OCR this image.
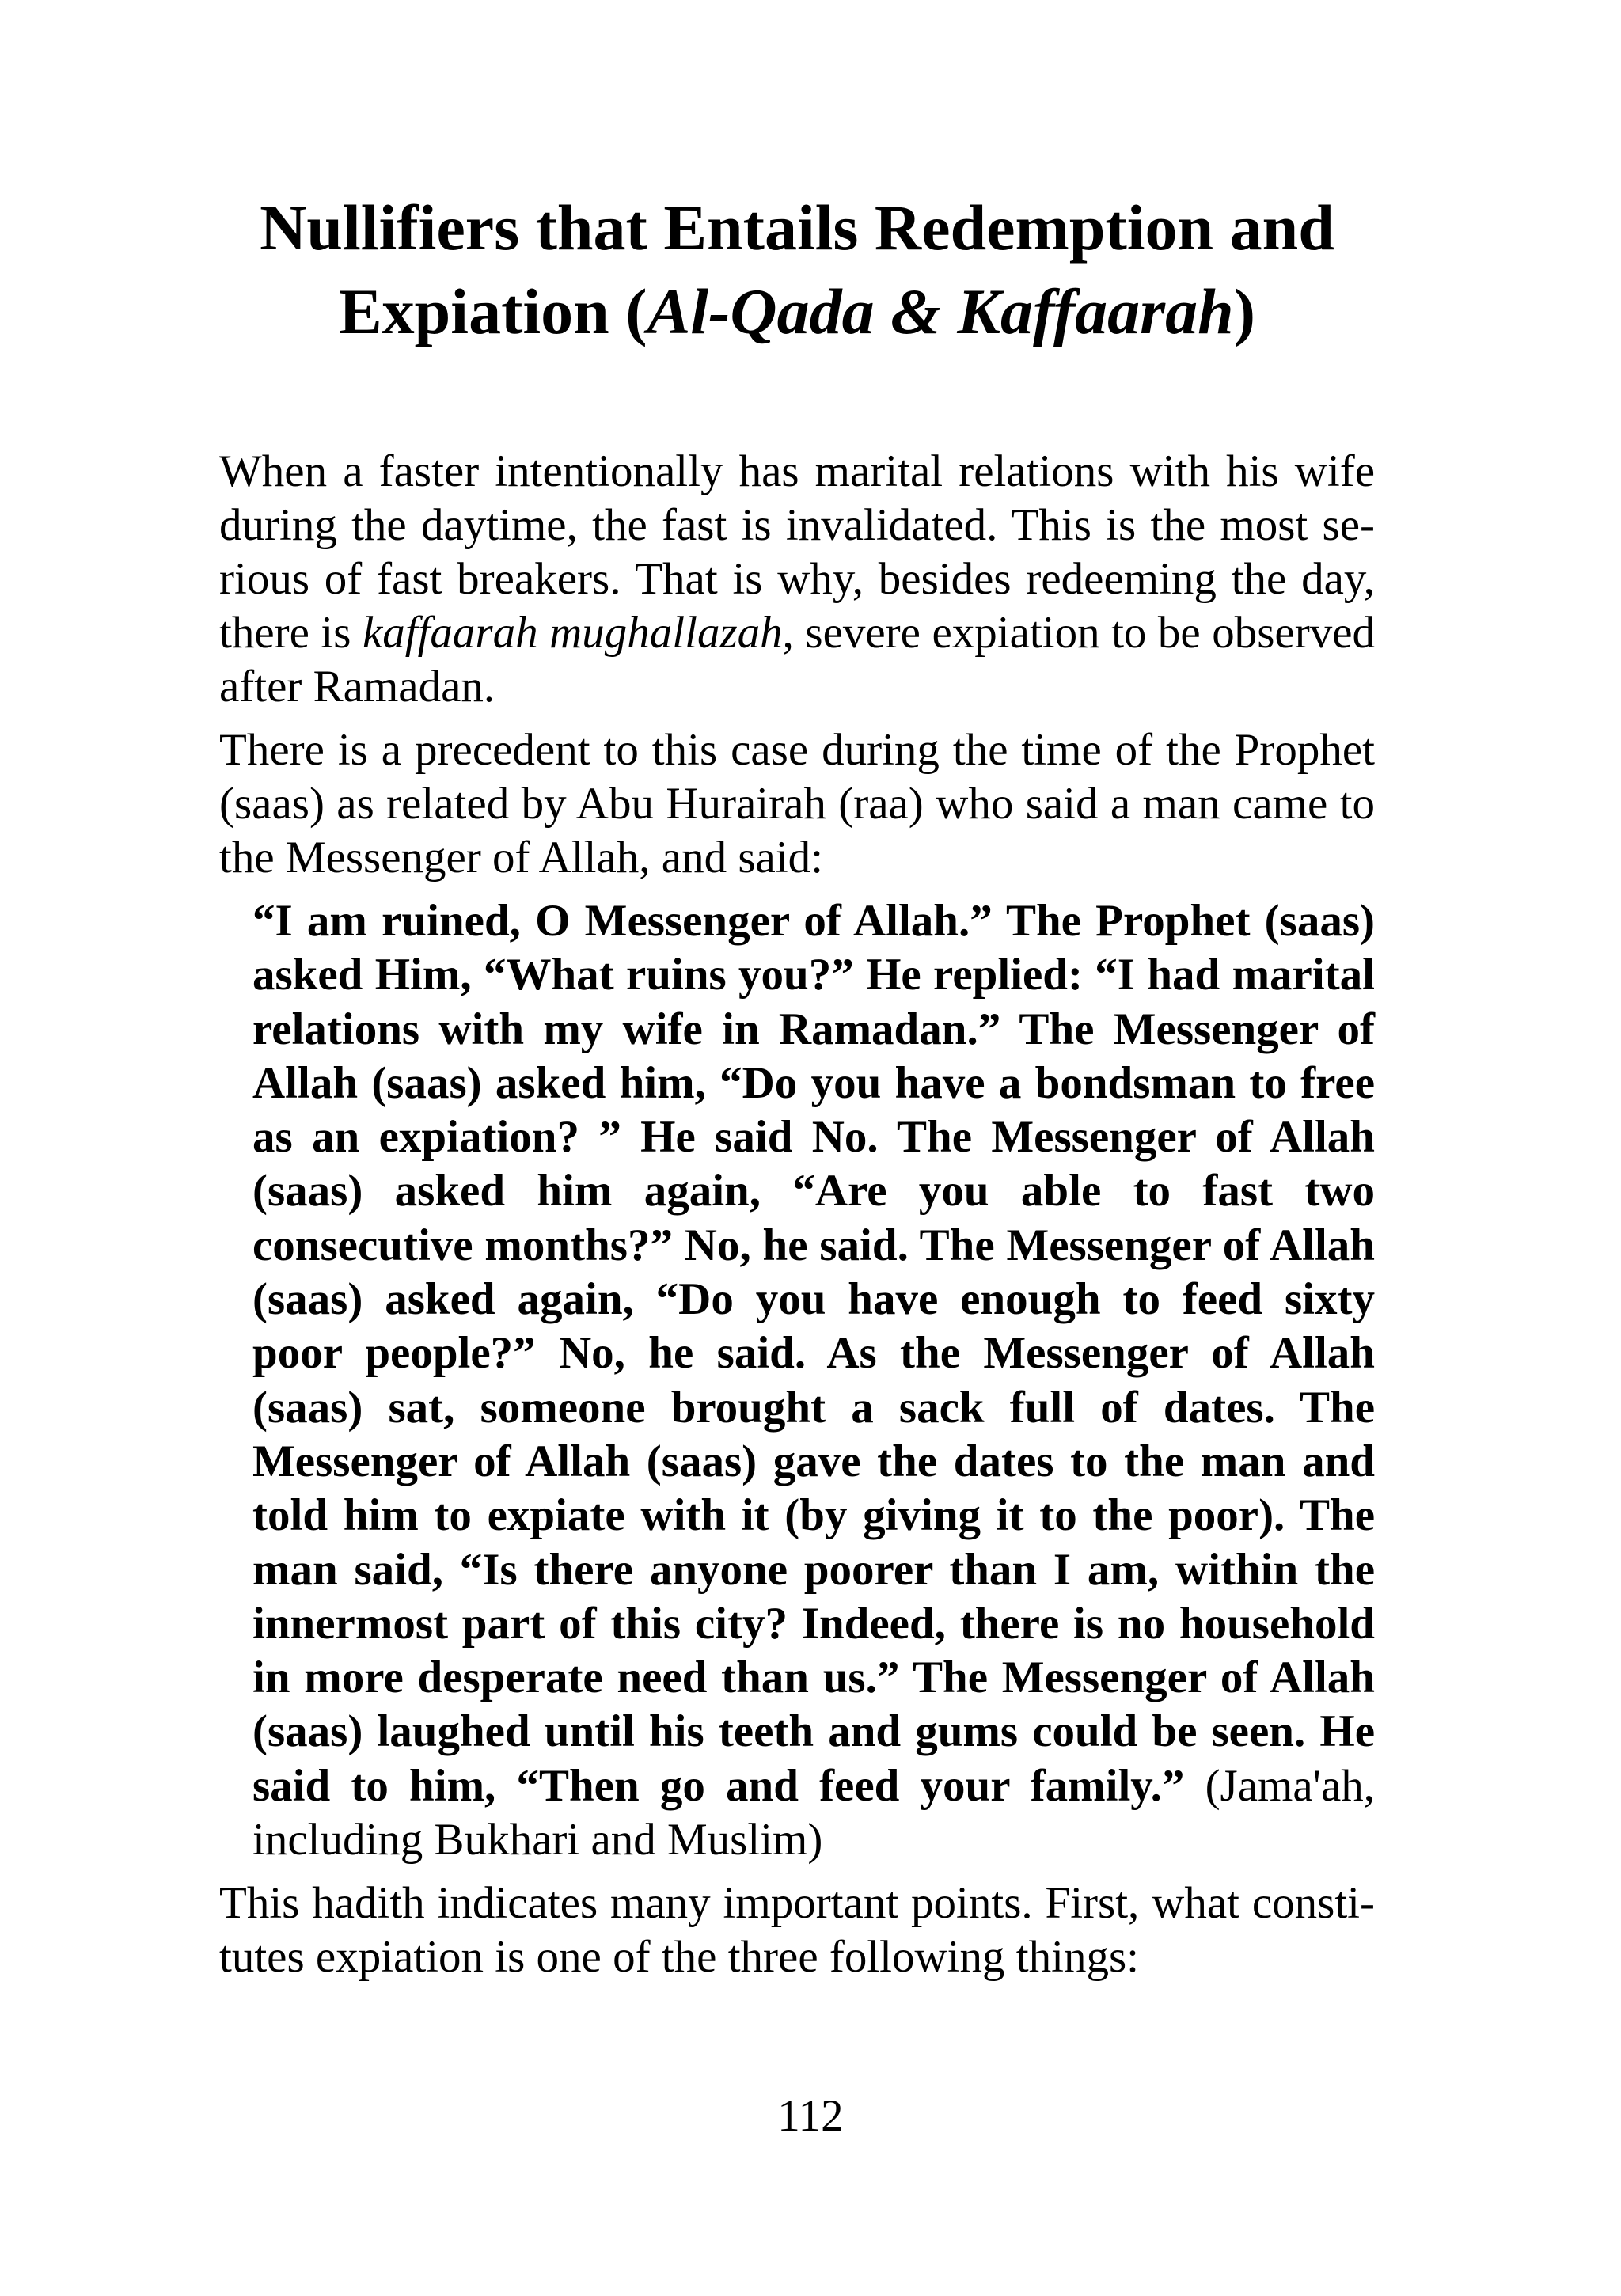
Nullifiers that Entails Redemption and
Expiation (Al-Qada & Kaffaarah)

When a faster intentionally has marital relations with his wife during the daytime, the fast is invalidated. This is the most serious of fast breakers. That is why, besides redeeming the day, there is kaffaarah mughallazah, severe expiation to be observed after Ramadan.

There is a precedent to this case during the time of the Prophet (saas) as related by Abu Hurairah (raa) who said a man came to the Messenger of Allah, and said:

“I am ruined, O Messenger of Allah.” The Prophet (saas) asked Him, “What ruins you?” He replied: “I had marital relations with my wife in Ramadan.” The Messenger of Allah (saas) asked him, “Do you have a bondsman to free as an expiation? ” He said No. The Messenger of Allah (saas) asked him again, “Are you able to fast two consecutive months?” No, he said. The Messenger of Allah (saas) asked again, “Do you have enough to feed sixty poor people?” No, he said. As the Messenger of Allah (saas) sat, someone brought a sack full of dates. The Messenger of Allah (saas) gave the dates to the man and told him to expiate with it (by giving it to the poor). The man said, “Is there anyone poorer than I am, within the innermost part of this city? Indeed, there is no household in more desperate need than us.” The Messenger of Allah (saas) laughed until his teeth and gums could be seen. He said to him, “Then go and feed your family.” (Jama'ah, including Bukhari and Muslim)

This hadith indicates many important points. First, what constitutes expiation is one of the three following things:

112
